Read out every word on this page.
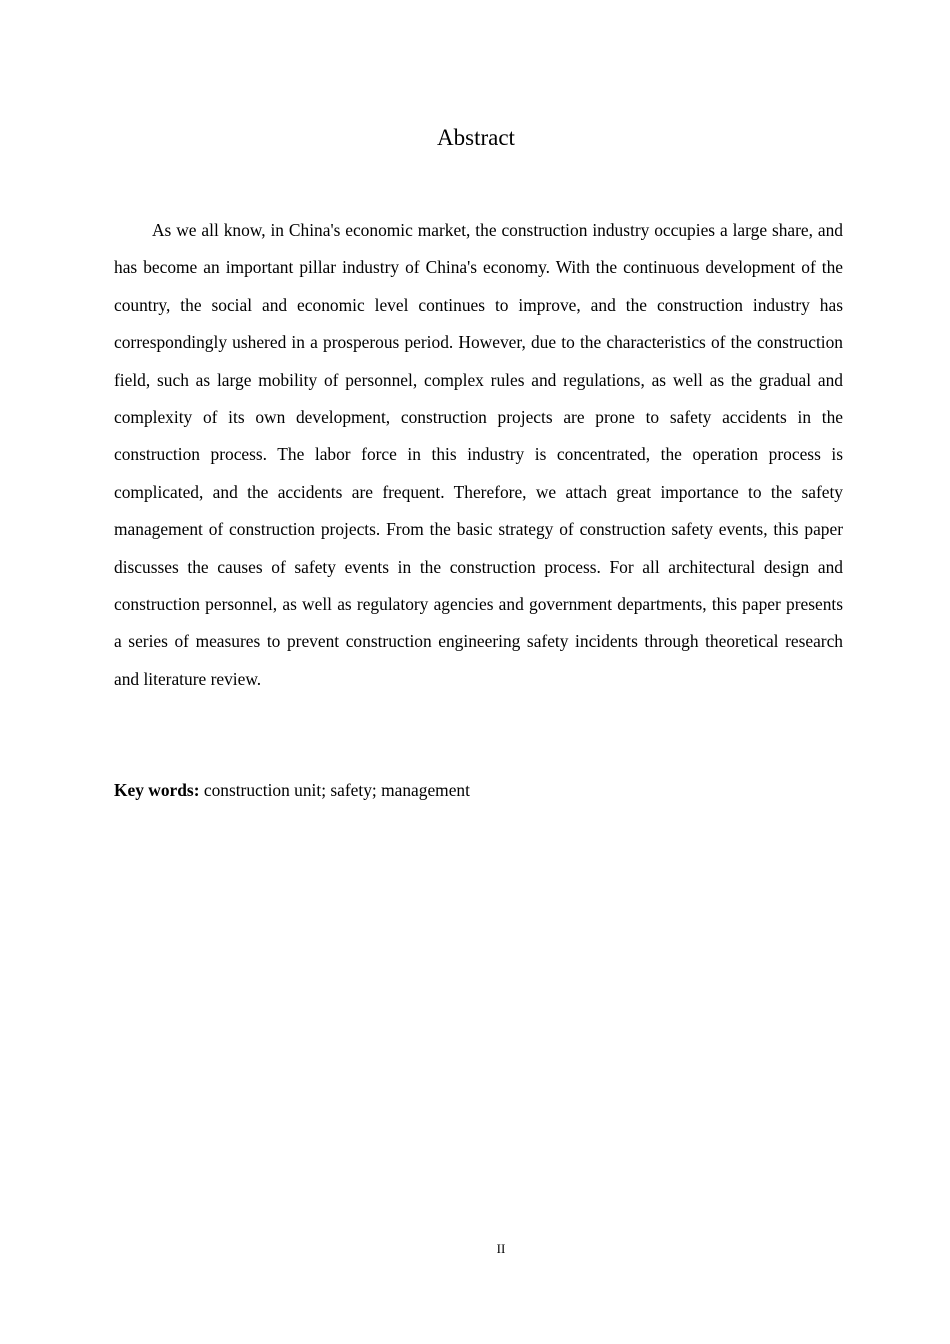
Abstract

As we all know, in China's economic market, the construction industry occupies a large share, and has become an important pillar industry of China's economy. With the continuous development of the country, the social and economic level continues to improve, and the construction industry has correspondingly ushered in a prosperous period. However, due to the characteristics of the construction field, such as large mobility of personnel, complex rules and regulations, as well as the gradual and complexity of its own development, construction projects are prone to safety accidents in the construction process. The labor force in this industry is concentrated, the operation process is complicated, and the accidents are frequent. Therefore, we attach great importance to the safety management of construction projects. From the basic strategy of construction safety events, this paper discusses the causes of safety events in the construction process. For all architectural design and construction personnel, as well as regulatory agencies and government departments, this paper presents a series of measures to prevent construction engineering safety incidents through theoretical research and literature review.

Key words: construction unit; safety; management
II
